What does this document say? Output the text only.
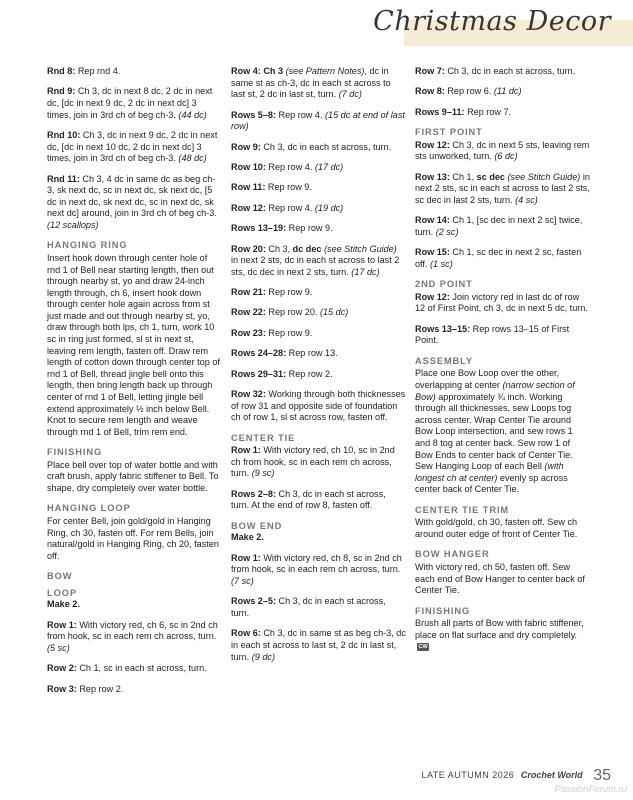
Christmas Decor

Rnd 8: Rep rnd 4.

Rnd 9: Ch 3, dc in next 8 dc, 2 dc in next dc, [dc in next 9 dc, 2 dc in next dc] 3 times, join in 3rd ch of beg ch-3. (44 dc)

Rnd 10: Ch 3, dc in next 9 dc, 2 dc in next dc, [dc in next 10 dc, 2 dc in next dc] 3 times, join in 3rd ch of beg ch-3. (48 dc)

Rnd 11: Ch 3, 4 dc in same dc as beg ch-3, sk next dc, sc in next dc, sk next dc, [5 dc in next dc, sk next dc, sc in next dc, sk next dc] around, join in 3rd ch of beg ch-3. (12 scallops)

HANGING RING

Insert hook down through center hole of rnd 1 of Bell near starting length, then out through nearby st, yo and draw 24-inch length through, ch 6, insert hook down through center hole again across from st just made and out through nearby st, yo, draw through both lps, ch 1, turn, work 10 sc in ring just formed, sl st in next st, leaving rem length, fasten off. Draw rem length of cotton down through center top of rnd 1 of Bell, thread jingle bell onto this length, then bring length back up through center of rnd 1 of Bell, letting jingle bell extend approximately ½ inch below Bell. Knot to secure rem length and weave through rnd 1 of Bell, trim rem end.

FINISHING

Place bell over top of water bottle and with craft brush, apply fabric stiffener to Bell. To shape, dry completely over water bottle.

HANGING LOOP

For center Bell, join gold/gold in Hanging Ring, ch 30, fasten off. For rem Bells, join natural/gold in Hanging Ring, ch 20, fasten off.

BOW
LOOP

Make 2.

Row 1: With victory red, ch 6, sc in 2nd ch from hook, sc in each rem ch across, turn. (5 sc)

Row 2: Ch 1, sc in each st across, turn.

Row 3: Rep row 2.

Row 4: Ch 3 (see Pattern Notes), dc in same st as ch-3, dc in each st across to last st, 2 dc in last st, turn. (7 dc)

Rows 5–8: Rep row 4. (15 dc at end of last row)

Row 9: Ch 3, dc in each st across, turn.

Row 10: Rep row 4. (17 dc)

Row 11: Rep row 9.

Row 12: Rep row 4. (19 dc)

Rows 13–19: Rep row 9.

Row 20: Ch 3, dc dec (see Stitch Guide) in next 2 sts, dc in each st across to last 2 sts, dc dec in next 2 sts, turn. (17 dc)

Row 21: Rep row 9.

Row 22: Rep row 20. (15 dc)

Row 23: Rep row 9.

Rows 24–28: Rep row 13.

Rows 29–31: Rep row 2.

Row 32: Working through both thicknesses of row 31 and opposite side of foundation ch of row 1, sl st across row, fasten off.

CENTER TIE

Row 1: With victory red, ch 10, sc in 2nd ch from hook, sc in each rem ch across, turn. (9 sc)

Rows 2–8: Ch 3, dc in each st across, turn. At the end of row 8, fasten off.

BOW END

Make 2.

Row 1: With victory red, ch 8, sc in 2nd ch from hook, sc in each rem ch across, turn. (7 sc)

Rows 2–5: Ch 3, dc in each st across, turn.

Row 6: Ch 3, dc in same st as beg ch-3, dc in each st across to last st, 2 dc in last st, turn. (9 dc)

Row 7: Ch 3, dc in each st across, turn.

Row 8: Rep row 6. (11 dc)

Rows 9–11: Rep row 7.

FIRST POINT

Row 12: Ch 3, dc in next 5 sts, leaving rem sts unworked, turn. (6 dc)

Row 13: Ch 1, sc dec (see Stitch Guide) in next 2 sts, sc in each st across to last 2 sts, sc dec in last 2 sts, turn. (4 sc)

Row 14: Ch 1, [sc dec in next 2 sc] twice, turn. (2 sc)

Row 15: Ch 1, sc dec in next 2 sc, fasten off. (1 sc)

2ND POINT

Row 12: Join victory red in last dc of row 12 of First Point, ch 3, dc in next 5 dc, turn.

Rows 13–15: Rep rows 13–15 of First Point.

ASSEMBLY

Place one Bow Loop over the other, overlapping at center (narrow section of Bow) approximately ¾ inch. Working through all thicknesses, sew Loops tog across center. Wrap Center Tie around Bow Loop intersection, and sew rows 1 and 8 tog at center back. Sew row 1 of Bow Ends to center back of Center Tie. Sew Hanging Loop of each Bell (with longest ch at center) evenly sp across center back of Center Tie.

CENTER TIE TRIM

With gold/gold, ch 30, fasten off. Sew ch around outer edge of front of Center Tie.

BOW HANGER

With victory red, ch 50, fasten off. Sew each end of Bow Hanger to center back of Center Tie.

FINISHING

Brush all parts of Bow with fabric stiffener, place on flat surface and dry completely. CW

LATE AUTUMN 2026 Crochet World 35
PassionForum.ru
